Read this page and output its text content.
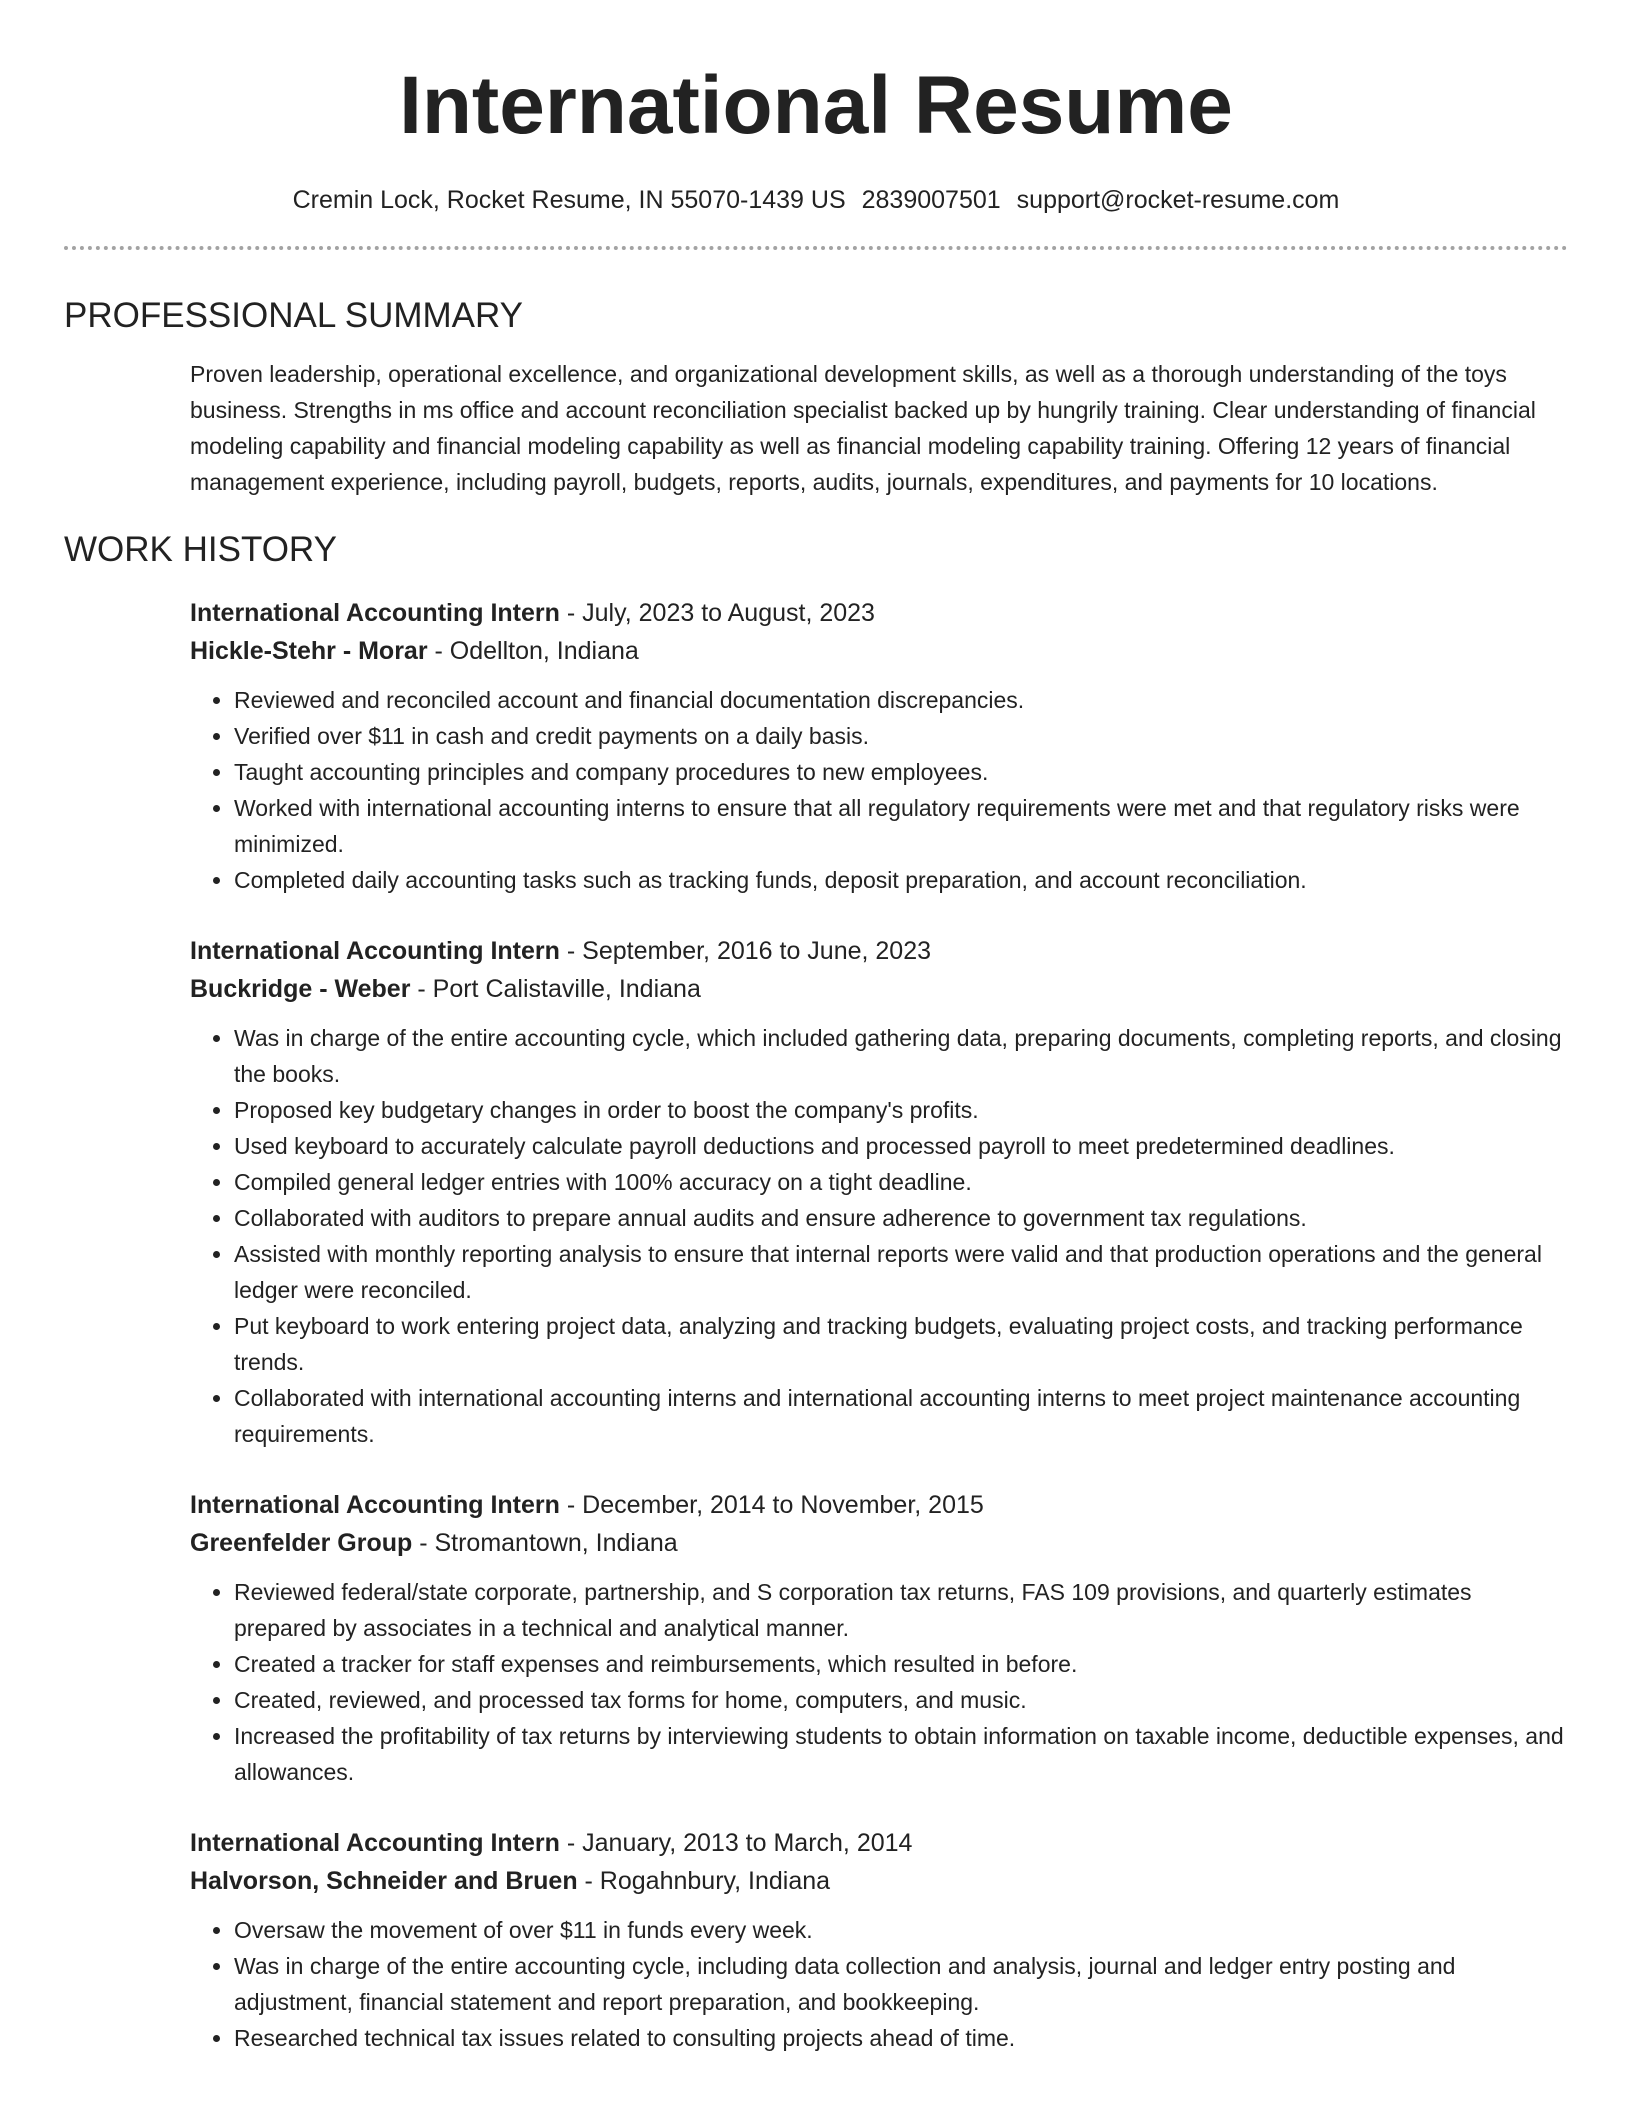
International Resume
Cremin Lock, Rocket Resume, IN 55070-1439 US 2839007501 support@rocket-resume.com
PROFESSIONAL SUMMARY

Proven leadership, operational excellence, and organizational development skills, as well as a thorough understanding of the toys business. Strengths in ms office and account reconciliation specialist backed up by hungrily training. Clear understanding of financial modeling capability and financial modeling capability as well as financial modeling capability training. Offering 12 years of financial management experience, including payroll, budgets, reports, audits, journals, expenditures, and payments for 10 locations.

WORK HISTORY
International Accounting Intern - July, 2023 to August, 2023
Hickle-Stehr - Morar - Odellton, Indiana
• Reviewed and reconciled account and financial documentation discrepancies.
• Verified over $11 in cash and credit payments on a daily basis.
• Taught accounting principles and company procedures to new employees.
• Worked with international accounting interns to ensure that all regulatory requirements were met and that regulatory risks were minimized.
• Completed daily accounting tasks such as tracking funds, deposit preparation, and account reconciliation.
International Accounting Intern - September, 2016 to June, 2023
Buckridge - Weber - Port Calistaville, Indiana
• Was in charge of the entire accounting cycle, which included gathering data, preparing documents, completing reports, and closing the books.
• Proposed key budgetary changes in order to boost the company's profits.
• Used keyboard to accurately calculate payroll deductions and processed payroll to meet predetermined deadlines.
• Compiled general ledger entries with 100% accuracy on a tight deadline.
• Collaborated with auditors to prepare annual audits and ensure adherence to government tax regulations.
• Assisted with monthly reporting analysis to ensure that internal reports were valid and that production operations and the general ledger were reconciled.
• Put keyboard to work entering project data, analyzing and tracking budgets, evaluating project costs, and tracking performance trends.
• Collaborated with international accounting interns and international accounting interns to meet project maintenance accounting requirements.
International Accounting Intern - December, 2014 to November, 2015
Greenfelder Group - Stromantown, Indiana
• Reviewed federal/state corporate, partnership, and S corporation tax returns, FAS 109 provisions, and quarterly estimates prepared by associates in a technical and analytical manner.
• Created a tracker for staff expenses and reimbursements, which resulted in before.
• Created, reviewed, and processed tax forms for home, computers, and music.
• Increased the profitability of tax returns by interviewing students to obtain information on taxable income, deductible expenses, and allowances.
International Accounting Intern - January, 2013 to March, 2014
Halvorson, Schneider and Bruen - Rogahnbury, Indiana
• Oversaw the movement of over $11 in funds every week.
• Was in charge of the entire accounting cycle, including data collection and analysis, journal and ledger entry posting and adjustment, financial statement and report preparation, and bookkeeping.
• Researched technical tax issues related to consulting projects ahead of time.
